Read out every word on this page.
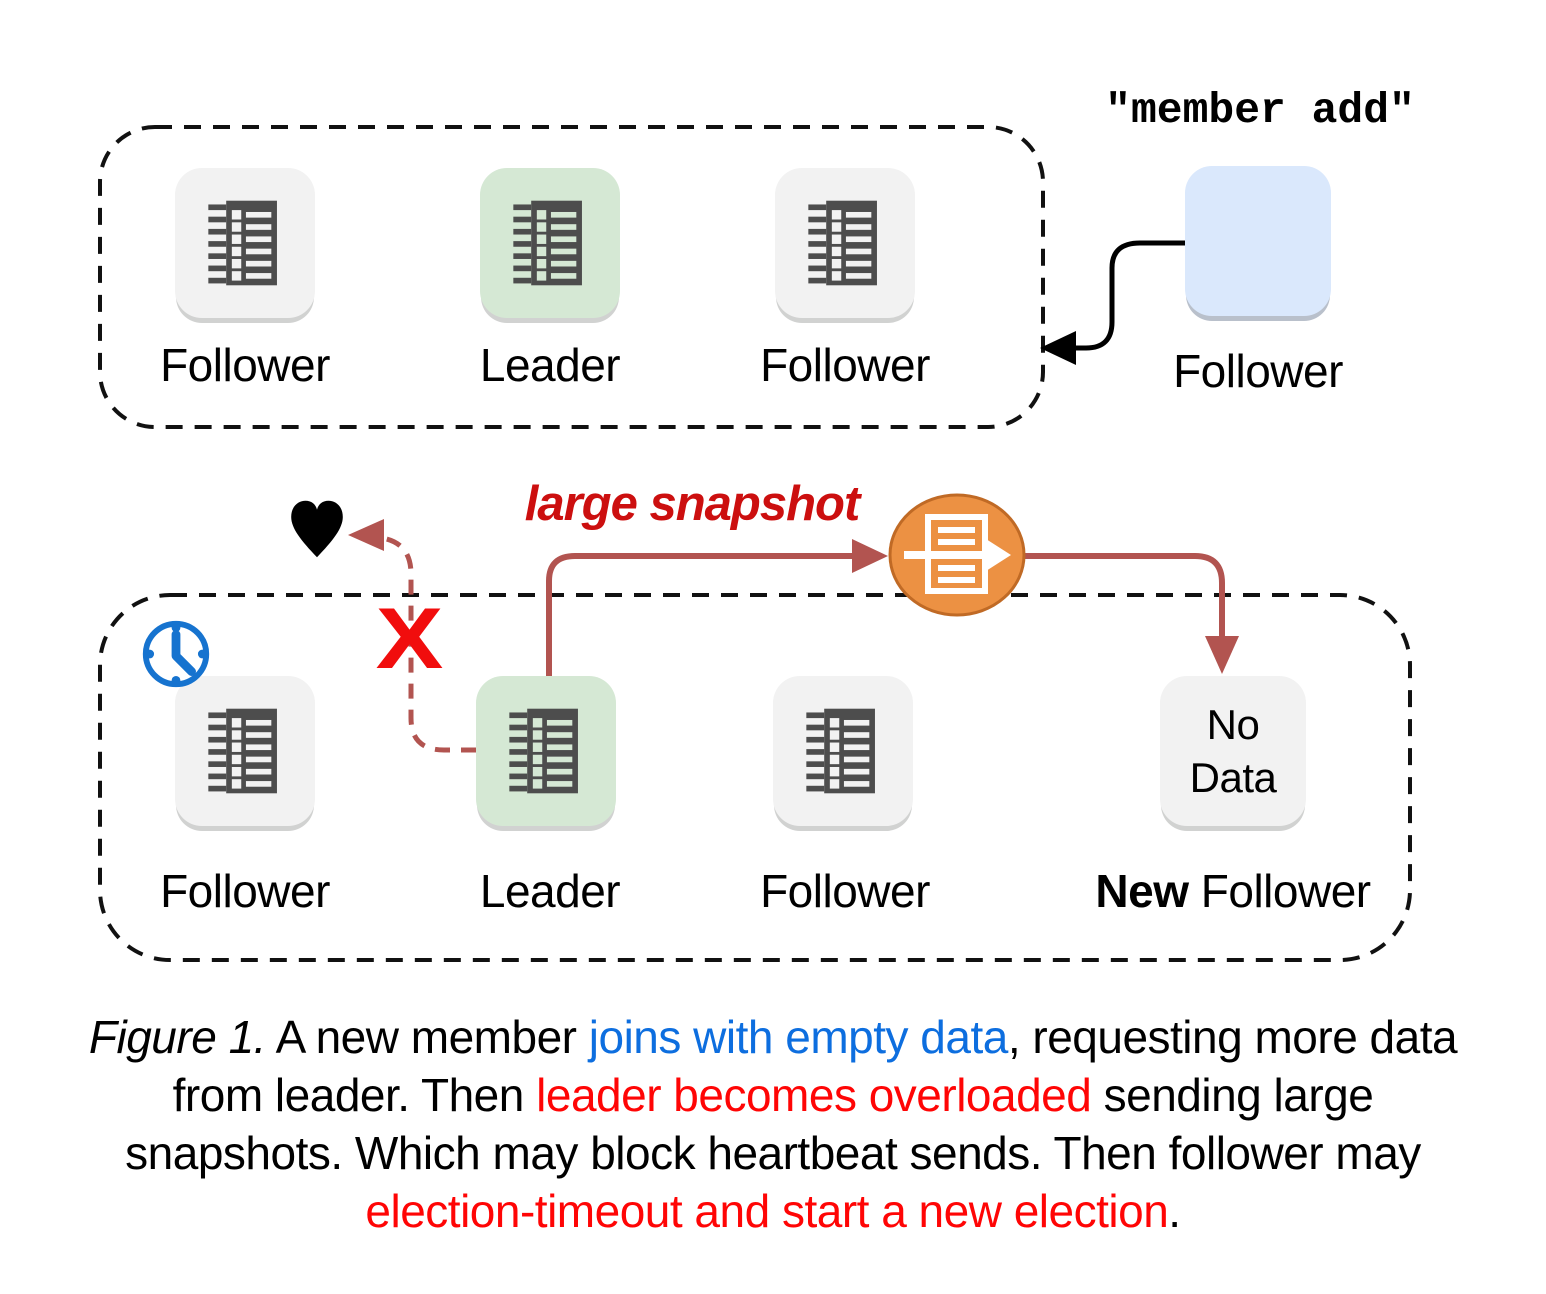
Follower	Leader	Follower
"member add"
Follower
X
large snapshot
No
Data
Follower	Leader	Follower	New Follower
Figure 1. A new member joins with empty data, requesting more data
from leader. Then leader becomes overloaded sending large
snapshots. Which may block heartbeat sends. Then follower may
election-timeout and start a new election.
